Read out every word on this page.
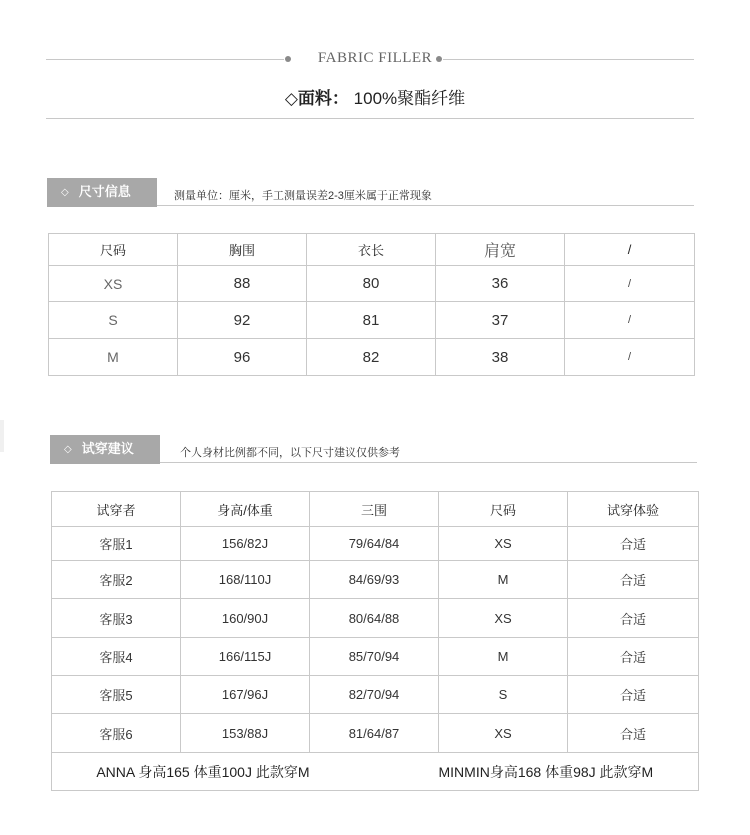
FABRIC FILLER
◇面料： 100%聚酯纤维
◇ 尺寸信息	测量单位：厘米，手工测量误差2-3厘米属于正常现象
尺码	胸围	衣长	肩宽	/
XS	88	80	36	/
S	92	81	37	/
M	96	82	38	/
◇ 试穿建议	个人身材比例都不同，以下尺寸建议仅供参考
试穿者	身高/体重	三围	尺码	试穿体验
客服1	156/82J	79/64/84	XS	合适
客服2	168/110J	84/69/93	M	合适
客服3	160/90J	80/64/88	XS	合适
客服4	166/115J	85/70/94	M	合适
客服5	167/96J	82/70/94	S	合适
客服6	153/88J	81/64/87	XS	合适
ANNA 身高165 体重100J 此款穿M			MINMIN身高168 体重98J 此款穿M	
